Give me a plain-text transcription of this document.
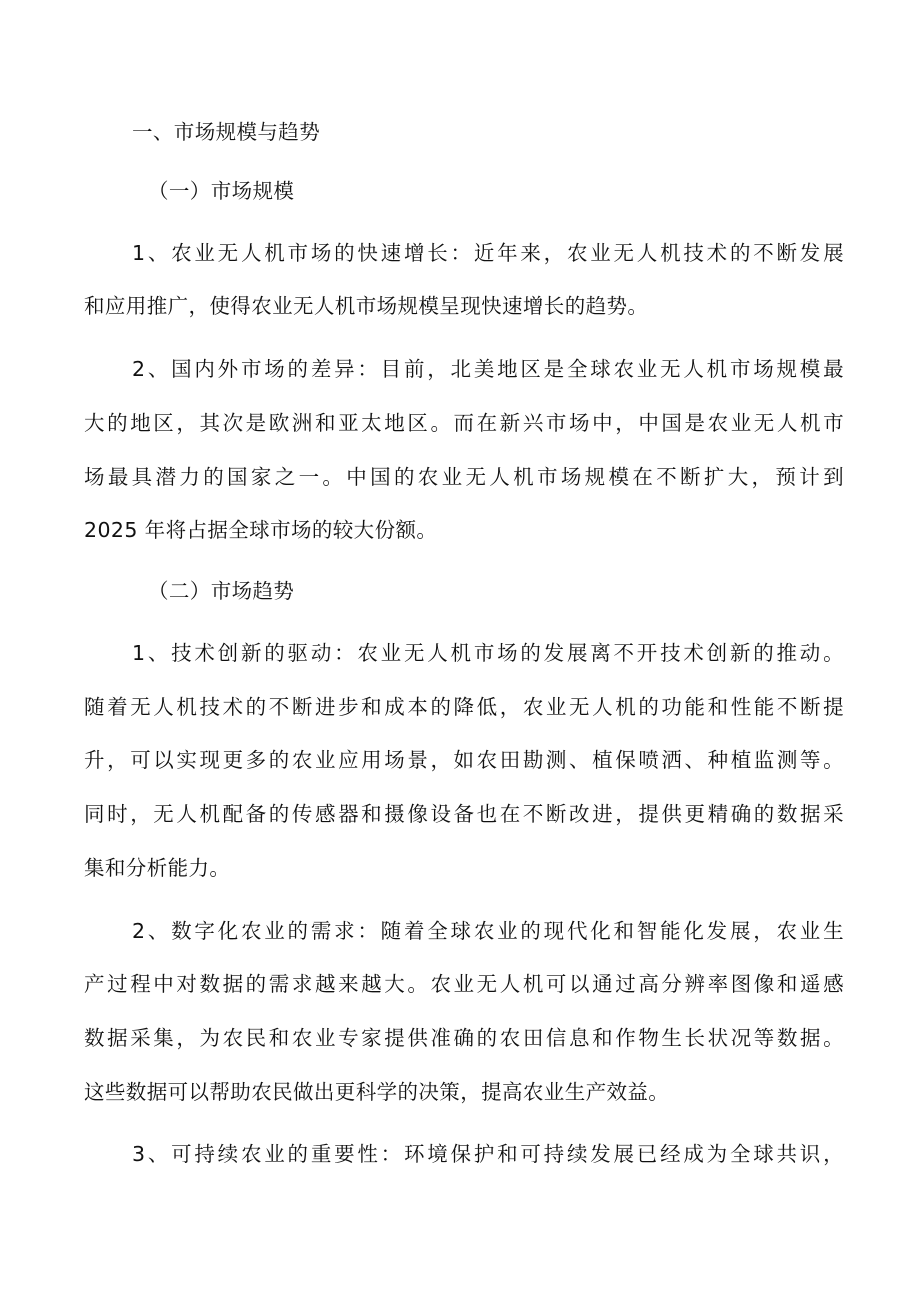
一、市场规模与趋势
（一）市场规模
1、农业无人机市场的快速增长：近年来，农业无人机技术的不断发展
和应用推广，使得农业无人机市场规模呈现快速增长的趋势。
2、国内外市场的差异：目前，北美地区是全球农业无人机市场规模最
大的地区，其次是欧洲和亚太地区。而在新兴市场中，中国是农业无人机市
场最具潜力的国家之一。中国的农业无人机市场规模在不断扩大，预计到
2025 年将占据全球市场的较大份额。
（二）市场趋势
1、技术创新的驱动：农业无人机市场的发展离不开技术创新的推动。
随着无人机技术的不断进步和成本的降低，农业无人机的功能和性能不断提
升，可以实现更多的农业应用场景，如农田勘测、植保喷洒、种植监测等。
同时，无人机配备的传感器和摄像设备也在不断改进，提供更精确的数据采
集和分析能力。
2、数字化农业的需求：随着全球农业的现代化和智能化发展，农业生
产过程中对数据的需求越来越大。农业无人机可以通过高分辨率图像和遥感
数据采集，为农民和农业专家提供准确的农田信息和作物生长状况等数据。
这些数据可以帮助农民做出更科学的决策，提高农业生产效益。
3、可持续农业的重要性：环境保护和可持续发展已经成为全球共识，
